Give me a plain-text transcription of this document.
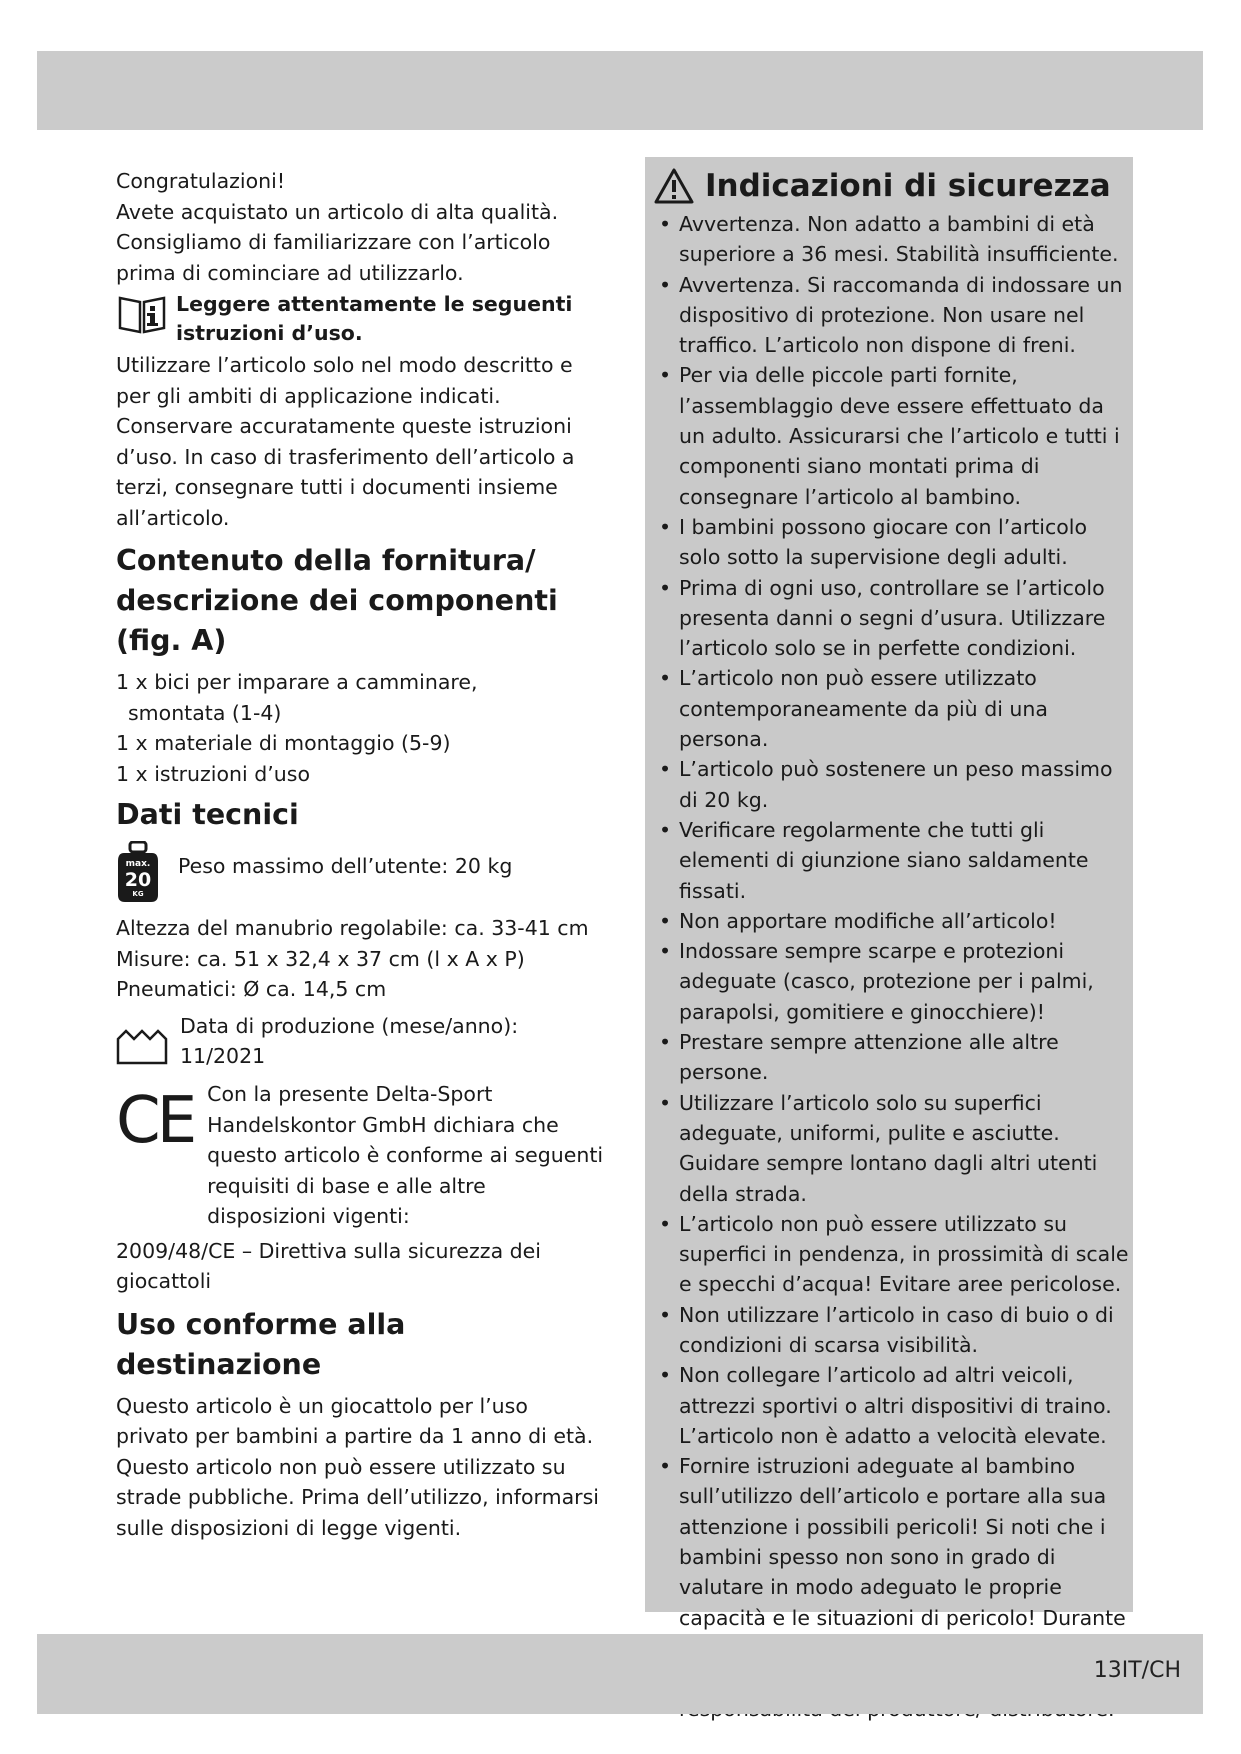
Congratulazioni!

Avete acquistato un articolo di alta qualità. Consigliamo di familiarizzare con l’articolo prima di cominciare ad utilizzarlo.

Leggere attentamente le seguenti istruzioni d’uso.

Utilizzare l’articolo solo nel modo descritto e per gli ambiti di applicazione indicati. Conservare accuratamente queste istruzioni d’uso. In caso di trasferimento dell’articolo a terzi, consegnare tutti i documenti insieme all’articolo.

Contenuto della fornitura/ descrizione dei componenti (fig. A)
1 x bici per imparare a camminare,
smontata (1-4)
1 x materiale di montaggio (5-9)
1 x istruzioni d’uso
Dati tecnici
max.
20
KG
Peso massimo dell’utente: 20 kg
Altezza del manubrio regolabile: ca. 33-41 cm
Misure: ca. 51 x 32,4 x 37 cm (l x A x P)
Pneumatici: Ø ca. 14,5 cm
Data di produzione (mese/anno):
11/2021
CE Con la presente Delta-Sport Handelskontor GmbH dichiara che questo articolo è conforme ai seguenti requisiti di base e alle altre disposizioni vigenti:

2009/48/CE – Direttiva sulla sicurezza dei giocattoli

Uso conforme alla destinazione

Questo articolo è un giocattolo per l’uso privato per bambini a partire da 1 anno di età. Questo articolo non può essere utilizzato su strade pubbliche. Prima dell’utilizzo, informarsi sulle disposizioni di legge vigenti.

Indicazioni di sicurezza
• Avvertenza. Non adatto a bambini di età superiore a 36 mesi. Stabilità insufficiente.
• Avvertenza. Si raccomanda di indossare un dispositivo di protezione. Non usare nel traffico. L’articolo non dispone di freni.
• Per via delle piccole parti fornite, l’assemblaggio deve essere effettuato da un adulto. Assicurarsi che l’articolo e tutti i componenti siano montati prima di consegnare l’articolo al bambino.
• I bambini possono giocare con l’articolo solo sotto la supervisione degli adulti.
• Prima di ogni uso, controllare se l’articolo presenta danni o segni d’usura. Utilizzare l’articolo solo se in perfette condizioni.
• L’articolo non può essere utilizzato contemporaneamente da più di una persona.
• L’articolo può sostenere un peso massimo di 20 kg.
• Verificare regolarmente che tutti gli elementi di giunzione siano saldamente fissati.
• Non apportare modifiche all’articolo!
• Indossare sempre scarpe e protezioni adeguate (casco, protezione per i palmi, parapolsi, gomitiere e ginocchiere)!
• Prestare sempre attenzione alle altre persone.
• Utilizzare l’articolo solo su superfici adeguate, uniformi, pulite e asciutte. Guidare sempre lontano dagli altri utenti della strada.
• L’articolo non può essere utilizzato su superfici in pendenza, in prossimità di scale e specchi d’acqua! Evitare aree pericolose.
• Non utilizzare l’articolo in caso di buio o di condizioni di scarsa visibilità.
• Non collegare l’articolo ad altri veicoli, attrezzi sportivi o altri dispositivi di traino. L’articolo non è adatto a velocità elevate.
• Fornire istruzioni adeguate al bambino sull’utilizzo dell’articolo e portare alla sua attenzione i possibili pericoli! Si noti che i bambini spesso non sono in grado di valutare in modo adeguato le proprie capacità e le situazioni di pericolo! Durante
13IT/CH
